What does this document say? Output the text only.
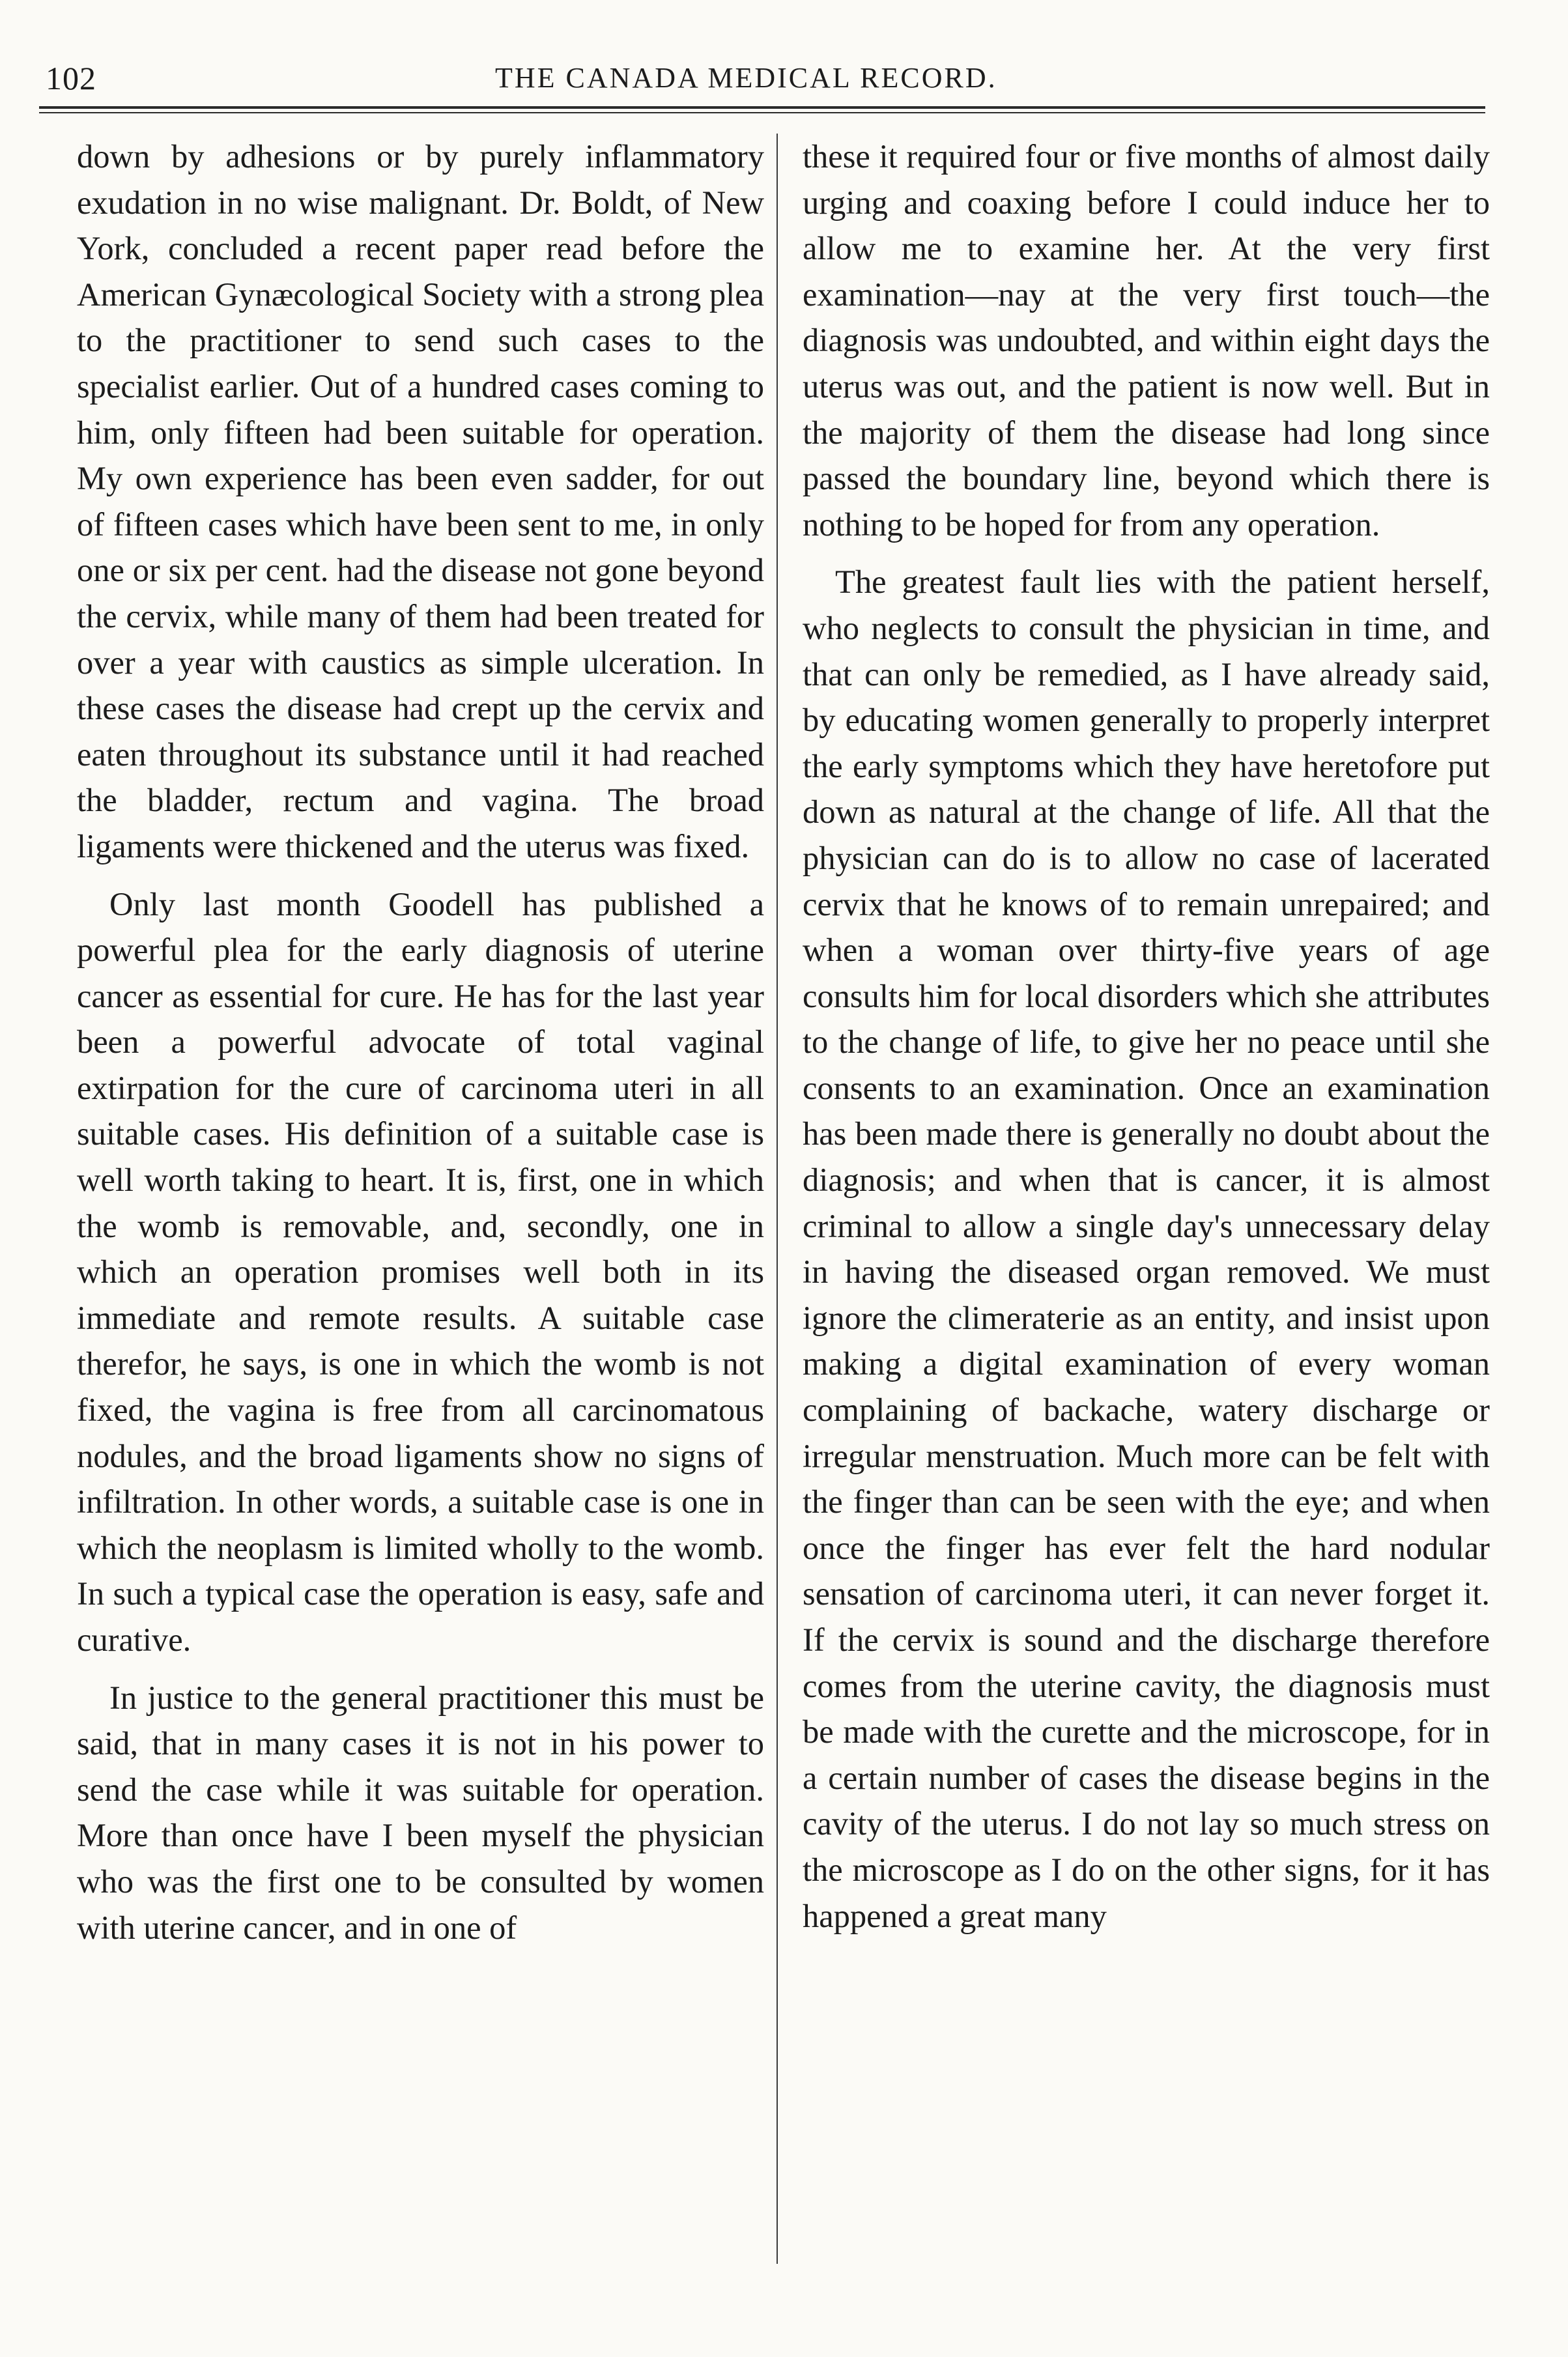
102	THE CANADA MEDICAL RECORD.

down by adhesions or by purely inflammatory exudation in no wise malignant. Dr. Boldt, of New York, concluded a recent paper read before the American Gynæcological Society with a strong plea to the practitioner to send such cases to the specialist earlier. Out of a hundred cases coming to him, only fifteen had been suitable for operation. My own experience has been even sadder, for out of fifteen cases which have been sent to me, in only one or six per cent. had the disease not gone beyond the cervix, while many of them had been treated for over a year with caustics as simple ulceration. In these cases the disease had crept up the cervix and eaten throughout its substance until it had reached the bladder, rectum and vagina. The broad ligaments were thickened and the uterus was fixed.

Only last month Goodell has published a powerful plea for the early diagnosis of uterine cancer as essential for cure. He has for the last year been a powerful advocate of total vaginal extirpation for the cure of carcinoma uteri in all suitable cases. His definition of a suitable case is well worth taking to heart. It is, first, one in which the womb is removable, and, secondly, one in which an operation promises well both in its immediate and remote results. A suitable case therefor, he says, is one in which the womb is not fixed, the vagina is free from all carcinomatous nodules, and the broad ligaments show no signs of infiltration. In other words, a suitable case is one in which the neoplasm is limited wholly to the womb. In such a typical case the operation is easy, safe and curative.

In justice to the general practitioner this must be said, that in many cases it is not in his power to send the case while it was suitable for operation. More than once have I been myself the physician who was the first one to be consulted by women with uterine cancer, and in one of

these it required four or five months of almost daily urging and coaxing before I could induce her to allow me to examine her. At the very first examination—nay at the very first touch—the diagnosis was undoubted, and within eight days the uterus was out, and the patient is now well. But in the majority of them the disease had long since passed the boundary line, beyond which there is nothing to be hoped for from any operation.

The greatest fault lies with the patient herself, who neglects to consult the physician in time, and that can only be remedied, as I have already said, by educating women generally to properly interpret the early symptoms which they have heretofore put down as natural at the change of life. All that the physician can do is to allow no case of lacerated cervix that he knows of to remain unrepaired; and when a woman over thirty-five years of age consults him for local disorders which she attributes to the change of life, to give her no peace until she consents to an examination. Once an examination has been made there is generally no doubt about the diagnosis; and when that is cancer, it is almost criminal to allow a single day's unnecessary delay in having the diseased organ removed. We must ignore the climeraterie as an entity, and insist upon making a digital examination of every woman complaining of backache, watery discharge or irregular menstruation. Much more can be felt with the finger than can be seen with the eye; and when once the finger has ever felt the hard nodular sensation of carcinoma uteri, it can never forget it. If the cervix is sound and the discharge therefore comes from the uterine cavity, the diagnosis must be made with the curette and the microscope, for in a certain number of cases the disease begins in the cavity of the uterus. I do not lay so much stress on the microscope as I do on the other signs, for it has happened a great many
